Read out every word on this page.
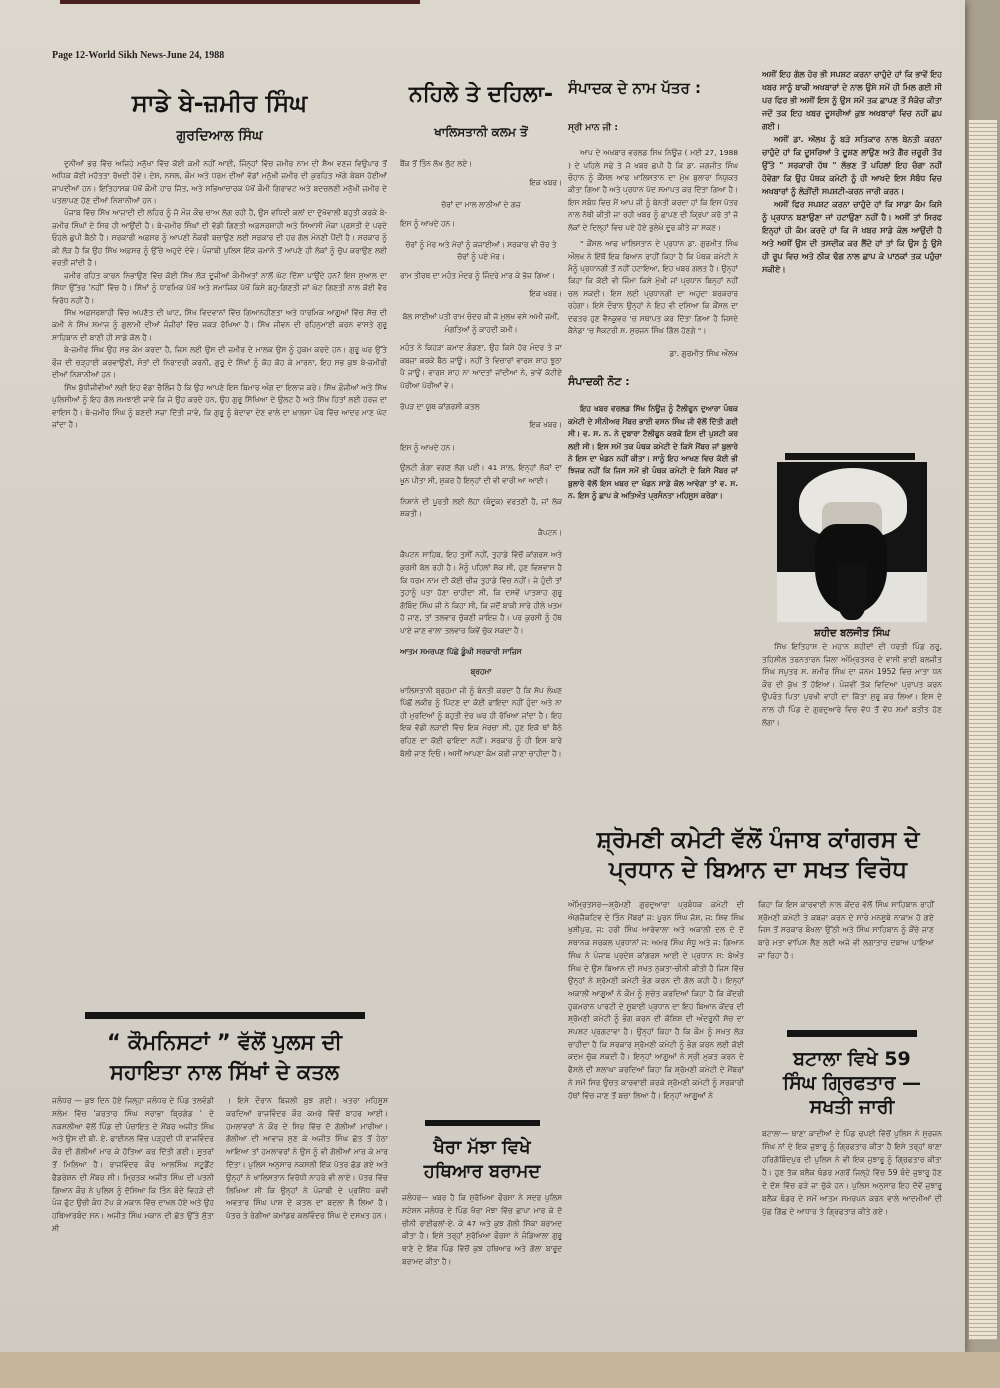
Page 12-World Sikh News-June 24, 1988
ਸਾਡੇ ਬੇ-ਜ਼ਮੀਰ ਸਿੰਘ
ਗੁਰਦਿਆਲ ਸਿੰਘ

ਦੁਨੀਆਂ ਭਰ ਵਿੱਚ ਅਜਿਹੇ ਮਨੁੱਖਾ ਵਿੱਚ ਕੋਈ ਕਮੀ ਨਹੀਂ ਆਈ, ਜਿੰਨ੍ਹਾਂ ਵਿੱਚ ਜ਼ਮੀਰ ਨਾਮ ਦੀ ਸ਼ੈਅ ਵਣਜ ਵਿਉਪਾਰ ਤੋਂ ਅਧਿਕ ਕੋਈ ਮਹੱਤਤਾ ਰੱਖਦੀ ਹੋਵੇ। ਦੇਸ਼, ਨਸਲ, ਕੌਮ ਅਤੇ ਧਰਮ ਦੀਆਂ ਵੱਡਾਂ ਮਨੁੱਖੀ ਜ਼ਮੀਰ ਦੀ ਕੁਰਹਿਤ ਅੱਗੇ ਬੇਬਸ ਹੋਈਆਂ ਜਾਪਦੀਆਂ ਹਨ। ਇਤਿਹਾਸਕ ਪੱਖੋਂ ਕੌਮੀ ਹਾਰ ਜਿੱਤ, ਅਤੇ ਸਭਿਆਚਾਰਕ ਪੱਖੋਂ ਕੌਮੀ ਗਿਰਾਵਟ ਅਤੇ ਬਦਚਲਣੀ ਮਨੁੱਖੀ ਜ਼ਮੀਰ ਦੇ ਪਤਲਾਪਣ ਹੋਣ ਦੀਆਂ ਨਿਸ਼ਾਨੀਆਂ ਹਨ।

ਪੰਜਾਬ ਵਿੱਚ ਸਿੱਖ ਆਜ਼ਾਦੀ ਦੀ ਲਹਿਰ ਨੂੰ ਜੋ ਮੌਜ ਕੌਢ ਚਾਅ ਲੱਗ ਰਹੀ ਹੈ, ਉਸ ਵਧਿਦੀ ਕਲਾਂ ਦਾ ਦੁੱਖੋਵਾਲੀ ਬਹੁਤੀ ਕਰਕੇ ਬੇ-ਜ਼ਮੀਰ ਸਿੰਘਾਂ ਦੇ ਸਿਰ ਹੀ ਆਉਂਦੀ ਹੈ। ਬੇ-ਜ਼ਮੀਰ ਸਿੰਘਾਂ ਦੀ ਵੱਡੀ ਗਿਣਤੀ ਅਫ਼ਸਰਸ਼ਾਹੀ ਅਤੇ ਸਿਆਸੀ ਮੌਕਾ ਪ੍ਰਸਤੀ ਦੇ ਪਰਦੇ ਓਹਲੇ ਛੁਪੀ ਬੈਠੀ ਹੈ। ਸਰਕਾਰੀ ਅਫ਼ਸਰ ਨੂੰ ਆਪਣੀ ਨੌਕਰੀ ਬਚਾਉਣ ਲਈ ਸਰਕਾਰ ਦੀ ਹਰ ਗੱਲ ਮੰਨਣੀ ਪੈਂਦੀ ਹੈ। ਸਰਕਾਰ ਨੂੰ ਕੀ ਲੋੜ ਹੈ ਕਿ ਉਹ ਸਿੱਖ ਅਫ਼ਸਰ ਨੂੰ ਉੱਚੇ ਅਹੁਦੇ ਦੇਵੇ। ਪੰਜਾਬੀ ਪੁਲਿਸ ਇੱਕ ਜ਼ਮਾਨੇ ਤੋਂ ਆਪਣੇ ਹੀ ਲੋਕਾਂ ਨੂੰ ਚੁੱਪ ਕਰਾਉਣ ਲਈ ਵਰਤੀ ਜਾਂਦੀ ਹੈ।

ਜ਼ਮੀਰ ਰਹਿਤ ਕਾਰਨ ਨਿਭਾਉਣ ਵਿੱਚ ਕੋਈ ਸਿੱਖ ਲੋੜ ਦੂਜੀਆਂ ਕੌਮੀਅਤਾਂ ਨਾਲੋਂ ਘੱਟ ਦਿੱਸਾ ਪਾਉਂਦੇ ਹਨ? ਇਸ ਸੁਆਲ ਦਾ ਸਿੱਧਾ ਉੱਤਰ 'ਨਹੀਂ' ਵਿੱਚ ਹੈ। ਸਿੱਖਾਂ ਨੂੰ ਧਾਰਮਿਕ ਪੱਖੋਂ ਅਤੇ ਸਮਾਜਿਕ ਪੱਖੋਂ ਕਿਸੇ ਬਹੁ-ਗਿਣਤੀ ਜਾਂ ਘੱਟ ਗਿਣਤੀ ਨਾਲ ਕੋਈ ਵੈਰ ਵਿਰੋਧ ਨਹੀਂ ਹੈ।

ਸਿੱਖ ਅਫ਼ਸਰਸ਼ਾਹੀ ਵਿੱਚ ਅਪਣੱਤ ਦੀ ਘਾਟ, ਸਿੱਖ ਵਿਦਵਾਨਾਂ ਵਿੱਚ ਗਿਆਨਹੀਣਤਾ ਅਤੇ ਧਾਰਮਿਕ ਆਗੂਆਂ ਵਿੱਚ ਸੱਚ ਦੀ ਕਮੀ ਨੇ ਸਿੱਖ ਸਮਾਜ ਨੂੰ ਗੁਲਾਮੀ ਦੀਆਂ ਜੰਜ਼ੀਰਾਂ ਵਿੱਚ ਜਕੜ ਰੱਖਿਆ ਹੈ। ਸਿੱਖ ਜੀਵਨ ਦੀ ਰਹਿਨੁਮਾਈ ਕਰਨ ਵਾਸਤੇ ਗੁਰੂ ਸਾਹਿਬਾਨ ਦੀ ਬਾਣੀ ਹੀ ਸਾਡੇ ਕੋਲ ਹੈ।

ਬੇ-ਜ਼ਮੀਰ ਸਿੰਘ ਉਹ ਸਭ ਕੰਮ ਕਰਦਾ ਹੈ, ਜਿਸ ਲਈ ਉਸ ਦੀ ਜ਼ਮੀਰ ਦੇ ਮਾਲਕ ਉਸ ਨੂੰ ਹੁਕਮ ਕਰਦੇ ਹਨ। ਗੁਰੂ ਘਰ ਉੱਤੇ ਫੌਜ ਦੀ ਚੜ੍ਹਾਈ ਕਰਵਾਉਣੀ, ਸੰਤਾਂ ਦੀ ਨਿਰਾਦਰੀ ਕਰਨੀ, ਗੁਰੂ ਦੇ ਸਿੱਖਾਂ ਨੂੰ ਕੋਹ ਕੋਹ ਕੇ ਮਾਰਨਾ, ਇਹ ਸਭ ਕੁਝ ਬੇ-ਜ਼ਮੀਰੀ ਦੀਆਂ ਨਿਸ਼ਾਨੀਆਂ ਹਨ।

ਸਿੱਖ ਬੁੱਧੀਜੀਵੀਆਂ ਲਈ ਇਹ ਵੱਡਾ ਚੈਲਿੰਜ ਹੈ ਕਿ ਉਹ ਆਪਣੇ ਇਸ ਬਿਮਾਰ ਅੰਗ ਦਾ ਇਲਾਜ ਕਰੇ। ਸਿੱਖ ਫ਼ੌਜੀਆਂ ਅਤੇ ਸਿੱਖ ਪੁਲਿਸੀਆਂ ਨੂੰ ਇਹ ਗੱਲ ਸਮਝਾਈ ਜਾਵੇ ਕਿ ਜੇ ਉਹ ਕਰਦੇ ਹਨ, ਉਹ ਗੁਰੂ ਸਿੱਖਿਆ ਦੇ ਉਲਟ ਹੈ ਅਤੇ ਸਿੱਖ ਹਿਤਾਂ ਲਈ ਹਰਜ਼ ਦਾ ਵਾਇਸ ਹੈ। ਬੇ-ਜ਼ਮੀਰ ਸਿੰਘ ਨੂੰ ਬਣਦੀ ਸਜ਼ਾ ਦਿੱਤੀ ਜਾਵੇ, ਕਿ ਗੁਰੂ ਨੂੰ ਬੇਦਾਵਾ ਦੇਣ ਵਾਲੇ ਦਾ ਖ਼ਾਲਸਾ ਪੰਥ ਵਿੱਚ ਆਦਰ ਮਾਣ ਘੱਟ ਜਾਂਦਾ ਹੈ।

ਨਹਿਲੇ ਤੇ ਦਹਿਲਾ-
ਖਾਲਿਸਤਾਨੀ ਕਲਮ ਤੋਂ
ਬੈਂਕ ਤੋਂ ਤਿੰਨ ਲੱਖ ਲੁੱਟ ਲਏ।
ਇਕ ਖਬਰ।
ਚੋਰਾਂ ਦਾ ਮਾਲ ਲਾਠੀਆਂ ਦੇ ਗਜ਼
ਇਸ ਨੂੰ ਆਖਦੇ ਹਨ।
ਚੋਰਾਂ ਨੂੰ ਮੋਰ ਅਤੇ ਮੋਰਾਂ ਨੂੰ ਕਜਾਈਆਂ। ਸਰਕਾਰ ਵੀ ਚੋਰ ਤੇ ਚੋਰਾਂ ਨੂੰ ਪਏ ਮੋਰ।
ਰਾਮ ਤੀਰਥ ਦਾ ਮਹੰਤ ਮੰਦਰ ਨੂੰ ਜਿੰਦਰੇ ਮਾਰ ਕੇ ਭੱਜ ਗਿਆ।
ਇਕ ਖਬਰ।
ਬੋਲ ਸਾਈਆਂ ਪਤੀ ਰਾਮ ਚੰਦਰ ਕੀ ਜੋ ਮੁਲਖ ਵਸੇ ਅਮੀ ਜਮੀਂ, ਮੰਗਤਿਆਂ ਨੂੰ ਕਾਹਦੀ ਕਮੀ।
ਮਹੰਤ ਨੇ ਕਿਹੜਾ ਕਮਾਦ ਗੰਡਣਾ, ਉਹ ਕਿਸੇ ਹੋਰ ਮੰਦਰ ਤੇ ਜਾ ਕਬਜ਼ਾ ਕਰਕੇ ਬੈਠ ਜਾਊ। ਨਹੀਂ ਤੇ ਵਿਚਾਰਾਂ ਵਾਰਸ਼ ਸ਼ਾਹ ਝੂਠਾ ਪੈ ਜਾਊ। ਵਾਰਸ਼ ਸ਼ਾਹ ਨਾ ਆਦਤਾਂ ਜਾਂਦੀਆ ਨੇ, ਭਾਵੇਂ ਕੱਟੀਏ ਪੋਰੀਆ ਪੋਰੀਆਂ ਵੇ।
ਰੋਪੜ ਦਾ ਯੂਥ ਕਾਂਗਰਸੀ ਕਤਲ
ਇਕ ਖਬਰ।
ਇਸ ਨੂੰ ਆਖਦੇ ਹਨ।
ਉਲਟੀ ਗੰਗਾ ਵਗਣ ਲੱਗ ਪਈ। 41 ਸਾਲ, ਇਨ੍ਹਾਂ ਲੋਕਾਂ ਦਾ ਖੂਨ ਪੀਤਾ ਸੀ, ਸ਼ੁਕਰ ਹੈ ਇਨ੍ਹਾਂ ਦੀ ਵੀ ਵਾਰੀ ਆ ਆਈ।
ਨਿਸ਼ਾਨੇ ਦੀ ਪੂਰਤੀ ਲਈ ਲੋਹਾ (ਬੰਦੂਕ) ਵਰਤਣੀ ਹੈ, ਜਾਂ ਲੋਕ ਸ਼ਕਤੀ।
ਕੈਪਟਨ।
ਕੈਪਟਨ ਸਾਹਿਬ, ਇਹ ਤੁਸੀਂ ਨਹੀਂ, ਤੁਹਾਡੇ ਵਿੱਚੋਂ ਕਾਂਗਰਸ ਅਤੇ ਕੁਰਸੀ ਬੋਲ ਰਹੀ ਹੈ। ਮੈਨੂੰ ਪਹਿਲਾਂ ਸ਼ੱਕ ਸੀ, ਹੁਣ ਵਿਸ਼ਵਾਸ ਹੈ ਕਿ ਧਰਮ ਨਾਮ ਦੀ ਕੋਈ ਚੀਜ਼ ਤੁਹਾਡੇ ਵਿੱਚ ਨਹੀਂ। ਜੇ ਹੁੰਦੀ ਤਾਂ ਤੁਹਾਨੂੰ ਪਤਾ ਹੋਣਾ ਚਾਹੀਦਾ ਸੀ, ਕਿ ਦਸਵੇਂ ਪਾਤਸ਼ਾਹ ਗੁਰੂ ਗੋਬਿੰਦ ਸਿੰਘ ਜੀ ਨੇ ਕਿਹਾ ਸੀ, ਕਿ ਜਦੋਂ ਬਾਕੀ ਸਾਰੇ ਹੀਲੇ ਖਤਮ ਹੋ ਜਾਣ, ਤਾਂ ਤਲਵਾਰ ਚੁੱਕਣੀ ਜਾਇਜ਼ ਹੈ। ਪਰ ਕੁਰਸੀ ਨੂੰ ਹੱਥ ਪਾਏ ਜਾਣ ਵਾਲਾ ਤਲਵਾਰ ਕਿਵੇਂ ਚੁੱਕ ਸਕਦਾ ਹੈ।
ਆਤਮ ਸਮਰਪਣ ਪਿੱਛੇ ਡੂੰਘੀ ਸਰਕਾਰੀ ਸਾਜ਼ਿਸ
ਬ੍ਰਹਮਾ
ਖਾਲਿਸਤਾਨੀ ਬ੍ਰਹਮਾ ਜੀ ਨੂੰ ਬੇਨਤੀ ਕਰਦਾ ਹੈ ਕਿ ਸੱਪ ਲੰਘਣ ਪਿੱਛੋਂ ਲਕੀਰ ਨੂੰ ਪਿੱਟਣ ਦਾ ਕੋਈ ਫਾਇਦਾ ਨਹੀਂ ਹੁੰਦਾ ਅਤੇ ਨਾ ਹੀ ਮੁਰਦਿਆਂ ਨੂੰ ਬਹੁਤੀ ਦੇਰ ਘਰ ਹੀ ਰੱਖਿਆ ਜਾਂਦਾ ਹੈ। ਇਹ ਇਕ ਵੱਡੀ ਲੜਾਈ ਵਿੱਚ ਇਕ ਮੋਰਚਾ ਸੀ, ਹੁਣ ਇਕੋ ਥਾਂ ਬੈਠੇ ਰਹਿਣ ਦਾ ਕੋਈ ਫਾਇਦਾ ਨਹੀਂ। ਸਰਕਾਰ ਨੂੰ ਹੀ ਇਸ ਬਾਰੇ ਬੋਲੀ ਜਾਣ ਦਿਓ। ਅਸੀਂ ਆਪਣਾ ਕੰਮ ਕਰੀ ਜਾਣਾ ਚਾਹੀਦਾ ਹੈ।
ਸੰਪਾਦਕ ਦੇ ਨਾਮ ਪੱਤਰ :
ਸ੍ਰੀ ਮਾਨ ਜੀ :

ਆਪ ਦੇ ਅਖਬਾਰ ਵਰਲਡ ਸਿਖ ਨਿਊਜ਼ ( ਮਈ 27, 1988 ) ਦੇ ਪਹਿਲੇ ਸਫੇ ਤੇ ਜੋ ਖਬਰ ਛਪੀ ਹੈ ਕਿ ਡਾ. ਜਗਜੀਤ ਸਿੰਘ ਚੌਹਾਨ ਨੂੰ ਕੌਂਸਲ ਆਫ ਖਾਲਿਸਤਾਨ ਦਾ ਮੁੱਖ ਬੁਲਾਰਾ ਨਿਯੁਕਤ ਕੀਤਾ ਗਿਆ ਹੈ ਅਤੇ ਪ੍ਰਧਾਨ ਪੱਦ ਸਮਾਪਤ ਕਰ ਦਿੱਤਾ ਗਿਆ ਹੈ। ਇਸ ਸਬੰਧ ਵਿਚ ਮੈਂ ਆਪ ਜੀ ਨੂੰ ਬੇਨਤੀ ਕਰਦਾ ਹਾਂ ਕਿ ਇਸ ਪੱਤਰ ਨਾਲ ਨੱਥੀ ਕੀਤੀ ਜਾ ਰਹੀ ਖਬਰ ਨੂੰ ਛਾਪਣ ਦੀ ਕ੍ਰਿਪਾ ਕਰੋ ਤਾਂ ਜੋ ਲੋਕਾਂ ਦੇ ਦਿਲ੍ਹਾਂ ਵਿਚ ਪਏ ਹੋਏ ਭੁਲੇਖੇ ਦੂਰ ਕੀਤੇ ਜਾ ਸਕਣ।

" ਕੌਂਸਲ ਆਫ ਖਾਲਿਸਤਾਨ ਦੇ ਪ੍ਰਧਾਨ ਡਾ. ਗੁਰਮੀਤ ਸਿੰਘ ਔਲਖ ਨੇ ਇੱਥੋਂ ਇਕ ਬਿਆਨ ਰਾਹੀਂ ਕਿਹਾ ਹੈ ਕਿ ਪੰਥਕ ਕਮੇਟੀ ਨੇ ਮੈਨੂੰ ਪ੍ਰਧਾਨਗੀ ਤੋਂ ਨਹੀਂ ਹਟਾਇਆ, ਇਹ ਖਬਰ ਗਲਤ ਹੈ। ਉਨ੍ਹਾਂ ਕਿਹਾ ਕਿ ਕੋਈ ਵੀ ਜਿੰਮਾ ਕਿਸੇ ਮੁੱਖੀ ਜਾਂ ਪ੍ਰਧਾਨ ਬਿਨ੍ਹਾਂ ਨਹੀਂ ਚਲ ਸਕਦੀ। ਇਸ ਲਈ ਪ੍ਰਧਾਨਗੀ ਦਾ ਅਹੁਦਾ ਬਰਕਰਾਰ ਰਹੇਗਾ। ਇਸੇ ਦੌਰਾਨ ਉਨ੍ਹਾਂ ਨੇ ਇਹ ਵੀ ਦਸਿਆ ਕਿ ਕੌਂਸਲ ਦਾ ਦਫਤਰ ਹੁਣ ਵੈਨਕੂਵਰ 'ਚ ਸਥਾਪਤ ਕਰ ਦਿੱਤਾ ਗਿਆ ਹੈ ਜਿਸਦੇ ਕੈਨੇਡਾ 'ਚ ਸੈਕਟਰੀ ਸ. ਸੁਰਜਨ ਸਿੰਘ ਗਿੱਲ ਹੋਣਗੇ "।

ਡਾ. ਗੁਰਮੀਤ ਸਿੰਘ ਔਲਖ
ਸੰਪਾਦਕੀ ਨੋਟ :

ਇਹ ਖਬਰ ਵਰਲਡ ਸਿੱਖ ਨਿਊਜ਼ ਨੂੰ ਟੈਲੀਫੂਨ ਦੁਆਰਾ ਪੰਥਕ ਕਮੇਟੀ ਦੇ ਸੀਨੀਅਰ ਮੈਂਬਰ ਭਾਈ ਵਸਨ ਸਿੰਘ ਜੀ ਵੱਲੋਂ ਦਿੱਤੀ ਗਈ ਸੀ। ਵ. ਸ. ਨ. ਨੇ ਦੁਬਾਰਾ ਟੈਲੀਫੂਨ ਕਰਕੇ ਇਸ ਦੀ ਪੁਸ਼ਟੀ ਕਰ ਲਈ ਸੀ। ਇਸ ਸਮੇਂ ਤਕ ਪੰਥਕ ਕਮੇਟੀ ਦੇ ਕਿਸੇ ਮੈਂਬਰ ਜਾਂ ਬੁਲਾਰੇ ਨੇ ਇਸ ਦਾ ਖੰਡਨ ਨਹੀਂ ਕੀਤਾ। ਸਾਨੂੰ ਇਹ ਆਖਣ ਵਿਚ ਕੋਈ ਭੀ ਝਿਜਕ ਨਹੀਂ ਕਿ ਜਿਸ ਸਮੇਂ ਭੀ ਪੰਥਕ ਕਮੇਟੀ ਦੇ ਕਿਸੇ ਮੈਂਬਰ ਜਾਂ ਬੁਲਾਰੇ ਵੱਲੋਂ ਇਸ ਖਬਰ ਦਾ ਖੰਡਨ ਸਾਡੇ ਕੋਲ ਆਵੇਗਾ ਤਾਂ ਵ. ਸ. ਨ. ਇਸ ਨੂੰ ਛਾਪ ਕੇ ਅਤਿਅੰਤ ਪ੍ਰਸੰਨਤਾ ਮਹਿਸੂਸ ਕਰੇਗਾ।

ਅਸੀਂ ਇਹ ਗੱਲ ਹੋਰ ਭੀ ਸਪਸ਼ਟ ਕਰਨਾ ਚਾਹੁੰਦੇ ਹਾਂ ਕਿ ਭਾਵੇਂ ਇਹ ਖਬਰ ਸਾਨੂੰ ਬਾਕੀ ਅਖਬਾਰਾਂ ਦੇ ਨਾਲ ਉਸੇ ਸਮੇਂ ਹੀ ਮਿਲ ਗਈ ਸੀ ਪਰ ਫਿਰ ਭੀ ਅਸੀਂ ਇਸ ਨੂੰ ਉਸ ਸਮੇਂ ਤਕ ਛਾਪਣ ਤੋਂ ਸੰਕੋਚ ਕੀਤਾ ਜਦੋਂ ਤਕ ਇਹ ਖਬਰ ਦੂਸਰੀਆਂ ਕੁਝ ਅਖਬਾਰਾਂ ਵਿਚ ਨਹੀਂ ਛਪ ਗਈ।

ਅਸੀਂ ਡਾ. ਔਲਖ ਨੂੰ ਬੜੇ ਸਤਿਕਾਰ ਨਾਲ ਬੇਨਤੀ ਕਰਨਾ ਚਾਹੁੰਦੇ ਹਾਂ ਕਿ ਦੂਸਰਿਆਂ ਤੇ ਦੂਸ਼ਣ ਲਾਉਣ ਅਤੇ ਗੈਰ ਜ਼ਰੂਰੀ ਤੌਰ ਉੱਤੇ " ਸਰਕਾਰੀ ਹੱਥ " ਲੱਭਣ ਤੋਂ ਪਹਿਲਾਂ ਇਹ ਚੰਗਾ ਨਹੀਂ ਹੋਵੇਗਾ ਕਿ ਉਹ ਪੰਥਕ ਕਮੇਟੀ ਨੂੰ ਹੀ ਆਖਦੇ ਇਸ ਸੰਬੰਧ ਵਿਚ ਅਖਬਾਰਾਂ ਨੂੰ ਲੋੜੀਂਦੀ ਸਪਸ਼ਟੀ-ਕਰਨ ਜਾਰੀ ਕਰਨ।

ਅਸੀਂ ਫਿਰ ਸਪਸ਼ਟ ਕਰਨਾ ਚਾਹੁੰਦੇ ਹਾਂ ਕਿ ਸਾਡਾ ਕੰਮ ਕਿਸੇ ਨੂੰ ਪ੍ਰਧਾਨ ਬਣਾਉਣਾ ਜਾਂ ਹਟਾਉਣਾ ਨਹੀਂ ਹੈ। ਅਸੀਂ ਤਾਂ ਸਿਰਫ ਇਨ੍ਹਾਂ ਹੀ ਕੰਮ ਕਰਦੇ ਹਾਂ ਕਿ ਜੋ ਖਬਰ ਸਾਡੇ ਕੋਲ ਆਉਂਦੀ ਹੈ ਅਤੇ ਅਸੀਂ ਉਸ ਦੀ ਤਸਦੀਕ ਕਰ ਲੈਂਦੇ ਹਾਂ ਤਾਂ ਕਿ ਉਸ ਨੂੰ ਉਸੇ ਹੀ ਰੂਪ ਵਿਚ ਅਤੇ ਠੀਕ ਢੰਗ ਨਾਲ ਛਾਪ ਕੇ ਪਾਠਕਾਂ ਤਕ ਪਹੁੰਚਾ ਸਕੀਏ।

ਸ਼ਹੀਦ ਬਲਜੀਤ ਸਿੰਘ

ਸਿੱਖ ਇਤਿਹਾਸ ਦੇ ਮਹਾਨ ਸ਼ਹੀਦਾਂ ਦੀ ਧਰਤੀ ਪਿੰਡ ਠਰੂ, ਤਹਿਸੀਲ ਤਰਨਤਾਰਨ ਜਿਲਾ ਅੰਮ੍ਰਿਤਸਰ ਦੇ ਵਾਸੀ ਭਾਈ ਬਲਜੀਤ ਸਿੰਘ ਸਪੁਤਰ ਸ. ਸ਼ਮੀਰ ਸਿੰਘ ਦਾ ਜਨਮ 1952 ਵਿਚ ਮਾਤਾ ਧਨ ਕੌਰ ਦੀ ਕੁੱਖ ਤੋਂ ਹੋਇਆ। ਪੰਜਵੀਂ ਤੱਕ ਵਿਦਿਆ ਪ੍ਰਾਪਤ ਕਰਨ ਉਪਰੰਤ ਪਿਤਾ ਪੁਰਖੀ ਵਾਹੀ ਦਾ ਕਿੱਤਾ ਸ਼ੁਰੂ ਕਰ ਲਿਆ। ਇਸ ਦੇ ਨਾਲ ਹੀ ਪਿੰਡ ਦੇ ਗੁਰਦੁਆਰੇ ਵਿਚ ਵੱਧ ਤੋਂ ਵੱਧ ਸਮਾਂ ਬਤੀਤ ਹੋਣ ਲੱਗਾ।

ਸ਼੍ਰੋਮਣੀ ਕਮੇਟੀ ਵੱਲੋਂ ਪੰਜਾਬ ਕਾਂਗਰਸ ਦੇ ਪ੍ਰਧਾਨ ਦੇ ਬਿਆਨ ਦਾ ਸਖਤ ਵਿਰੋਧ
ਅੰਮ੍ਰਿਤਸਰ—ਸ਼੍ਰੋਮਣੀ ਗੁਰਦੁਆਰਾ ਪ੍ਰਬੰਧਕ ਕਮੇਟੀ ਦੀ ਐਗਜ਼ੈਕਟਿਵ ਦੇ ਤਿੰਨ ਮੈਂਬਰਾਂ ਜ: ਪੂਰਨ ਸਿੰਘ ਜੋਸ਼, ਜ: ਸ਼ਿਵ ਸਿੰਘ ਖੁਸ਼ੀਪੁਰ, ਜ: ਹਰੀ ਸਿੰਘ ਆਰੇਵਾਲਾ ਅਤੇ ਅਕਾਲੀ ਦਲ ਦੇ ਦੋ ਸਥਾਨਕ ਸਰਕਲ ਪ੍ਰਧਾਨਾਂ ਜ: ਅਮਰ ਸਿੰਘ ਸੰਧੂ ਅਤੇ ਜ: ਗਿਆਨ ਸਿੰਘ ਨੇ ਪੰਜਾਬ ਪ੍ਰਦੇਸ਼ ਕਾਂਗਰਸ ਆਈ ਦੇ ਪ੍ਰਧਾਨ ਸ: ਬੇਅੰਤ ਸਿੰਘ ਦੇ ਉਸ ਬਿਆਨ ਦੀ ਸਖਤ ਨੁਕਤਾ-ਚੀਨੀ ਕੀਤੀ ਹੈ ਜਿਸ ਵਿੱਚ ਉਨ੍ਹਾਂ ਨੇ ਸ਼੍ਰੋਮਣੀ ਕਮੇਟੀ ਭੰਗ ਕਰਨ ਦੀ ਗੱਲ ਕਹੀ ਹੈ। ਇਨ੍ਹਾਂ ਅਕਾਲੀ ਆਗੂਆਂ ਨੇ ਕੌਮ ਨੂੰ ਸੁਚੇਤ ਕਰਦਿਆਂ ਕਿਹਾ ਹੈ ਕਿ ਕੇਂਦਰੀ ਹੁਕਮਰਾਨ ਪਾਰਟੀ ਦੇ ਸੂਬਾਈ ਪ੍ਰਧਾਨ ਦਾ ਇਹ ਬਿਆਨ ਕੇਂਦਰ ਦੀ ਸ਼੍ਰੋਮਣੀ ਕਮੇਟੀ ਨੂੰ ਭੰਗ ਕਰਨ ਦੀ ਕੋਸ਼ਿਸ਼ ਦੀ ਅੰਦਰੂਨੀ ਸੋਚ ਦਾ ਸਪਸ਼ਟ ਪ੍ਰਗਟਾਵਾ ਹੈ। ਉਨ੍ਹਾਂ ਕਿਹਾ ਹੈ ਕਿ ਕੌਮ ਨੂੰ ਸਖਤ ਲੋੜ ਚਾਹੀਦਾ ਹੈ ਕਿ ਸਰਕਾਰ ਸ਼੍ਰੋਮਣੀ ਕਮੇਟੀ ਨੂੰ ਭੰਗ ਕਰਨ ਲਈ ਕੋਈ ਕਦਮ ਚੁੱਕ ਸਕਦੀ ਹੈ। ਇਨ੍ਹਾਂ ਆਗੂਆਂ ਨੇ ਸ੍ਰੀ ਮੁਕਤ ਕਰਨ ਦੇ ਫੈਸਲੇ ਦੀ ਸ਼ਲਾਘਾ ਕਰਦਿਆਂ ਕਿਹਾ ਕਿ ਸ਼੍ਰੋਮਣੀ ਕਮੇਟੀ ਦੇ ਮੈਂਬਰਾਂ ਨੇ ਸਮੇਂ ਸਿਰ ਉਚਤ ਕਾਰਵਾਈ ਕਰਕੇ ਸ਼੍ਰੋਮਣੀ ਕਮੇਟੀ ਨੂੰ ਸਰਕਾਰੀ ਹੱਥਾਂ ਵਿੱਚ ਜਾਣ ਤੋਂ ਬਚਾ ਲਿਆ ਹੈ। ਇਨ੍ਹਾਂ ਆਗੂਆਂ ਨੇ
ਕਿਹਾ ਕਿ ਇਸ ਕਾਰਵਾਈ ਨਾਲ ਕੇਂਦਰ ਵੱਲੋਂ ਸਿੰਘ ਸਾਹਿਬਾਨ ਰਾਹੀਂ ਸ਼੍ਰੋਮਣੀ ਕਮੇਟੀ ਤੇ ਕਬਜ਼ਾ ਕਰਨ ਦੇ ਸਾਰੇ ਮਨਸੂਬੇ ਨਾਕਾਮ ਹੋ ਗਏ ਜਿਸ ਤੋਂ ਸਰਕਾਰ ਬੌਖਲਾ ਉੱਠੀ ਅਤੇ ਸਿੰਘ ਸਾਹਿਬਾਨ ਨੂੰ ਕੌਂਚੇ ਜਾਣ ਬਾਰੇ ਮਤਾ ਵਾਪਿਸ ਲੈਣ ਲਈ ਅਜੇ ਵੀ ਲਗਾਤਾਰ ਦਬਾਅ ਪਾਇਆ ਜਾ ਰਿਹਾ ਹੈ।
ਬਟਾਲਾ ਵਿਖੇ 59
ਸਿੰਘ ਗ੍ਰਿਫਤਾਰ —
ਸਖਤੀ ਜਾਰੀ
ਬਟਾਲਾ— ਥਾਣਾ ਕਾਦੀਆਂ ਦੇ ਪਿੰਡ ਢਪਈ ਵਿੱਚੋਂ ਪੁਲਿਸ ਨੇ ਸੁਰਜਨ ਸਿੰਘ ਨਾਂ ਦੇ ਇਕ ਜੁਝਾਰੂ ਨੂੰ ਗ੍ਰਿਫਤਾਰ ਕੀਤਾ ਹੈ ਇਸੇ ਤਰ੍ਹਾਂ ਥਾਣਾ ਹਰਿਗੋਬਿੰਦਪੁਰ ਦੀ ਪੁਲਿਸ ਨੇ ਵੀ ਇਕ ਜੁਝਾਰੂ ਨੂੰ ਗ੍ਰਿਫਤਾਰ ਕੀਤਾ ਹੈ। ਹੁਣ ਤੱਕ ਬਲੈਕ ਥੰਡਰ ਮਗਰੋਂ ਜਿਲ੍ਹੇ ਵਿੱਚ 59 ਬੰਦੇ ਜੁਝਾਰੂ ਹੋਣ ਦੇ ਦੋਸ਼ ਵਿੱਚ ਫੜੇ ਜਾ ਚੁੱਕੇ ਹਨ। ਪੁਲਿਸ ਅਨੁਸਾਰ ਇਹ ਦੋਵੇਂ ਜੁਝਾਰੂ ਬਲੈਕ ਥੰਡਰ ਦੇ ਸਮੇਂ ਆਤਮ ਸਮਰਪਨ ਕਰਨ ਵਾਲੇ ਆਦਮੀਆਂ ਦੀ ਪੁੱਛ ਗਿੱਛ ਦੇ ਆਧਾਰ ਤੇ ਗ੍ਰਿਫਤਾਰ ਕੀਤੇ ਗਏ।
“ ਕੌਮਨਿਸਟਾਂ ” ਵੱਲੋਂ ਪੁਲਸ ਦੀ
ਸਹਾਇਤਾ ਨਾਲ ਸਿੱਖਾਂ ਦੇ ਕਤਲ
ਜਲੰਧਰ — ਕੁਝ ਦਿਨ ਹੋਏ ਜਿਲ੍ਹਾ ਜਲੰਧਰ ਦੇ ਪਿੰਡ ਤਲਵੰਡੀ ਸਲੇਮ ਵਿੱਚ 'ਕਰਤਾਰ ਸਿੰਘ ਸਰਾਭਾ ਬ੍ਰਿਗੇਡ ' ਦੇ ਨਕਸਲੀਆ ਵੱਲੋਂ ਪਿੰਡ ਦੀ ਪੰਚਾਇਤ ਦੇ ਮੈਂਬਰ ਅਜੀਤ ਸਿੰਘ ਅਤੇ ਉਸ ਦੀ ਬੀ. ਏ. ਫਾਈਨਲ ਵਿੱਚ ਪੜ੍ਹਦੀ ਧੀ ਰਾਜਵਿੰਦਰ ਕੌਰ ਦੀ ਗੋਲੀਆਂ ਮਾਰ ਕੇ ਹੱਤਿਆ ਕਰ ਦਿੱਤੀ ਗਈ। ਸੂਤਰਾਂ ਤੋਂ ਮਿਲਿਆ ਹੈ। ਰਾਜਵਿੰਦਰ ਕੌਰ ਆਲਸਿੰਘ ਸਟੂਡੈਂਟ ਫੈਡਰੇਸ਼ਨ ਦੀ ਮੈਂਬਰ ਸੀ। ਮ੍ਰਿਤਕ ਅਜੀਤ ਸਿੰਘ ਦੀ ਪਤਨੀ ਗਿਆਨ ਕੌਰ ਨੇ ਪੁਲਿਸ ਨੂੰ ਦੱਸਿਆ ਕਿ ਤਿੰਨ ਬੰਦੇ ਵਿਹੜੇ ਦੀ ਪੰਜ ਫੁੱਟ ਉਚੀ ਕੰਧ ਟੱਪ ਕੇ ਮਕਾਨ ਵਿੱਚ ਦਾਖਲ ਹੋਏ ਅਤੇ ਉਹ ਹਥਿਆਰਬੰਦ ਸਨ। ਅਜੀਤ ਸਿੰਘ ਮਕਾਨ ਦੀ ਛੱਤ ਉੱਤੇ ਸੁੱਤਾ ਸੀ
। ਇਸੇ ਦੌਰਾਨ ਬਿਜਲੀ ਬੁਝ ਗਈ। ਖਤਰਾ ਮਹਿਸੂਸ ਕਰਦਿਆਂ ਰਾਜਵਿੰਦਰ ਕੌਰ ਕਮਰੇ ਵਿੱਚੋਂ ਬਾਹਰ ਆਈ। ਹਮਲਾਵਰਾਂ ਨੇ ਕੌਰ ਦੇ ਸਿਰ ਵਿੱਚ ਦੋ ਗੋਲੀਆਂ ਮਾਰੀਆ। ਗੋਲੀਆ ਦੀ ਆਵਾਜ਼ ਸੁਣ ਕੇ ਅਜੀਤ ਸਿੰਘ ਛੱਤ ਤੋਂ ਹੇਠਾ ਆਇਆ ਤਾਂ ਹਮਲਾਵਰਾਂ ਨੇ ਉਸ ਨੂੰ ਵੀ ਗੋਲੀਆਂ ਮਾਰ ਕੇ ਮਾਰ ਦਿੱਤਾ। ਪੁਲਿਸ ਅਨੁਸਾਰ ਨਕਸਲੀ ਇੱਕ ਪੱਤਰ ਛੱਡ ਗਏ ਅਤੇ ਉਨ੍ਹਾਂ ਨੇ ਖਾਲਿਸਤਾਨ ਵਿਰੋਧੀ ਨਾਹਰੇ ਵੀ ਲਾਏ। ਪੱਤਰ ਵਿੱਚ ਲਿਖਿਆ ਸੀ ਕਿ ਉਨ੍ਹਾਂ ਨੇ ਪੰਜਾਬੀ ਦੇ ਪ੍ਰਸਿੱਧ ਕਵੀ ਅਵਤਾਰ ਸਿੰਘ ਪਾਸ਼ ਦੇ ਕਤਲ ਦਾ ਬਦਲਾ ਲੈ ਲਿਆ ਹੈ। ਪੱਤਰ ਤੇ ਰੇਗੀਆ ਕਮਾਂਡਰ ਕਲਵਿੰਦਰ ਸਿੰਘ ਦੇ ਦਸਖਤ ਹਨ।
ਖੈਰਾ ਮੱਝਾ ਵਿਖੇ
ਹਥਿਆਰ ਬਰਾਮਦ
ਜਲੰਧਰ— ਖਬਰ ਹੈ ਕਿ ਸੁਰੱਖਿਆ ਫੌਰਸਾ ਨੇ ਸਦਰ ਪੁਲਿਸ ਸਟੇਸ਼ਨ ਜਲੰਧਰ ਦੇ ਪਿੰਡ ਖੈਰਾ ਮੱਝਾ ਵਿੱਚ ਛਾਪਾ ਮਾਰ ਕੇ ਦੋ ਚੀਨੀ ਰਾਈਫਲਾਂ-ਏ. ਕੇ 47 ਅਤੇ ਕੁਝ ਗੋਲੀ ਸਿੱਕਾ ਬਰਾਮਦ ਕੀਤਾ ਹੈ। ਇਸੇ ਤਰ੍ਹਾਂ ਸੁਰੱਖਿਆ ਫੌਰਸਾ ਨੇ ਜੰਡਿਆਲਾ ਗੁਰੂ ਥਾਣੇ ਦੇ ਇੱਕ ਪਿੰਡ ਵਿੱਚੋਂ ਕੁਝ ਹਥਿਆਰ ਅਤੇ ਗੋਲਾ ਬਾਰੂਦ ਬਰਾਮਦ ਕੀਤਾ ਹੈ।
